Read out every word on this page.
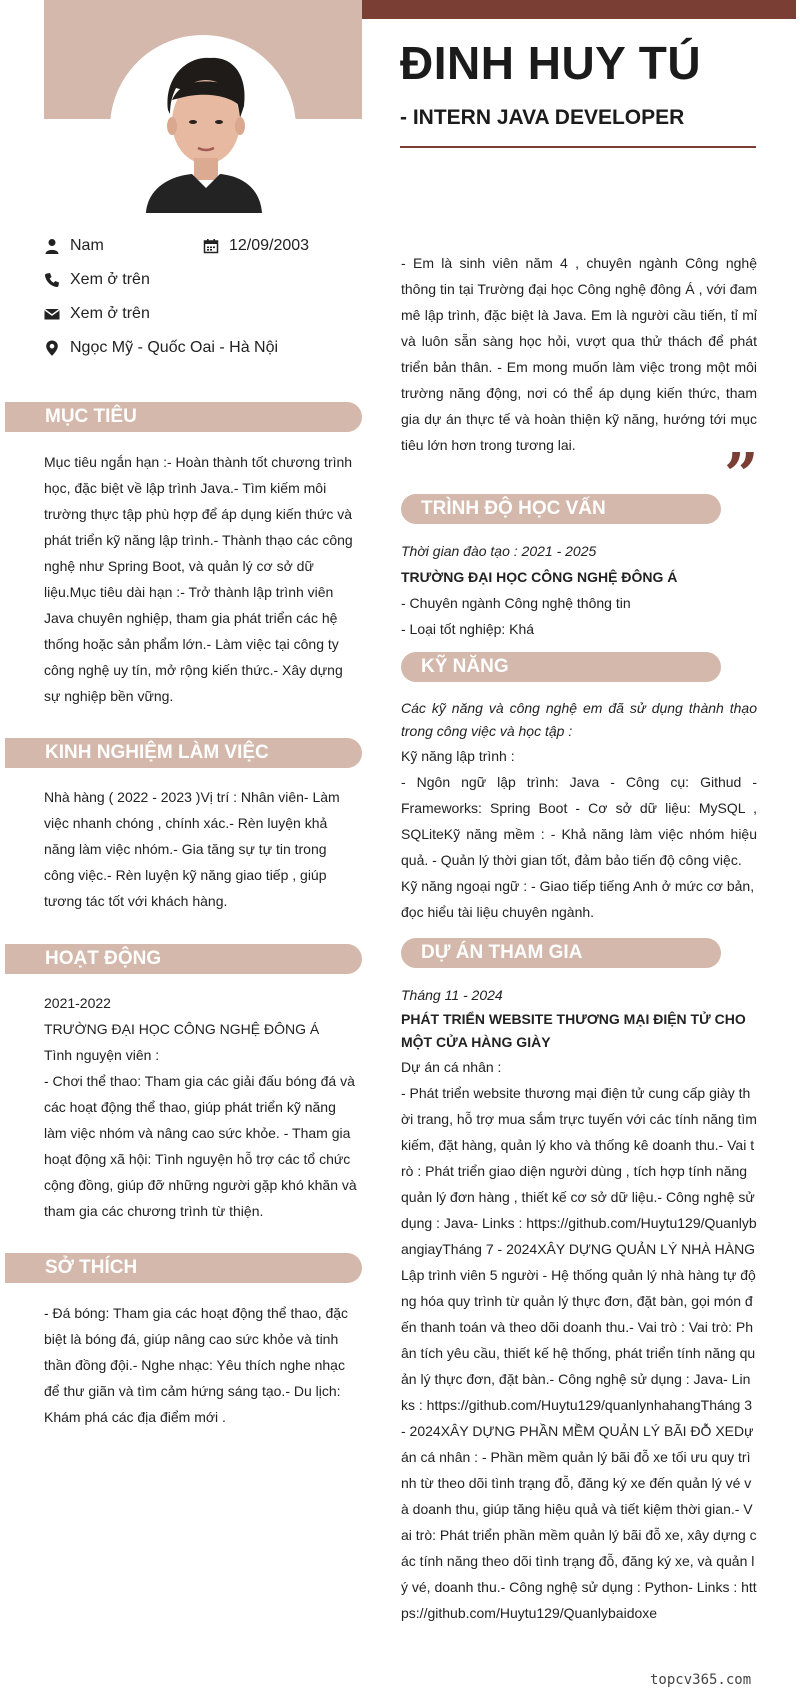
ĐINH HUY TÚ
- INTERN JAVA DEVELOPER
Nam	12/09/2003
Xem ở trên
Xem ở trên
Ngọc Mỹ - Quốc Oai - Hà Nội
MỤC TIÊU
Mục tiêu ngắn hạn :- Hoàn thành tốt chương trình học, đặc biệt về lập trình Java.- Tìm kiếm môi trường thực tập phù hợp để áp dụng kiến thức và phát triển kỹ năng lập trình.- Thành thạo các công nghệ như Spring Boot, và quản lý cơ sở dữ liệu.Mục tiêu dài hạn :- Trở thành lập trình viên Java chuyên nghiệp, tham gia phát triển các hệ thống hoặc sản phẩm lớn.- Làm việc tại công ty công nghệ uy tín, mở rộng kiến thức.- Xây dựng sự nghiệp bền vững.
KINH NGHIỆM LÀM VIỆC
Nhà hàng ( 2022 - 2023 )Vị trí : Nhân viên- Làm việc nhanh chóng , chính xác.- Rèn luyện khả năng làm việc nhóm.- Gia tăng sự tự tin trong công việc.- Rèn luyện kỹ năng giao tiếp , giúp tương tác tốt với khách hàng.
HOẠT ĐỘNG
2021-2022
TRƯỜNG ĐẠI HỌC CÔNG NGHỆ ĐÔNG Á
Tình nguyện viên :
- Chơi thể thao: Tham gia các giải đấu bóng đá và các hoạt động thể thao, giúp phát triển kỹ năng làm việc nhóm và nâng cao sức khỏe. - Tham gia hoạt động xã hội: Tình nguyện hỗ trợ các tổ chức cộng đồng, giúp đỡ những người gặp khó khăn và tham gia các chương trình từ thiện.
SỞ THÍCH
- Đá bóng: Tham gia các hoạt động thể thao, đặc biệt là bóng đá, giúp nâng cao sức khỏe và tinh thần đồng đội.- Nghe nhạc: Yêu thích nghe nhạc để thư giãn và tìm cảm hứng sáng tạo.- Du lịch: Khám phá các địa điểm mới .
- Em là sinh viên năm 4 , chuyên ngành Công nghệ thông tin tại Trường đại học Công nghệ đông Á , với đam mê lập trình, đặc biệt là Java. Em là người cầu tiến, tỉ mỉ và luôn sẵn sàng học hỏi, vượt qua thử thách để phát triển bản thân. - Em mong muốn làm việc trong một môi trường năng động, nơi có thể áp dụng kiến thức, tham gia dự án thực tế và hoàn thiện kỹ năng, hướng tới mục tiêu lớn hơn trong tương lai.	”
TRÌNH ĐỘ HỌC VẤN
Thời gian đào tạo : 2021 - 2025
TRƯỜNG ĐẠI HỌC CÔNG NGHỆ ĐÔNG Á
- Chuyên ngành Công nghệ thông tin
- Loại tốt nghiệp: Khá
KỸ NĂNG
Các kỹ năng và công nghệ em đã sử dụng thành thạo trong công việc và học tập :
Kỹ năng lập trình :
- Ngôn ngữ lập trình: Java - Công cụ: Githud - Frameworks: Spring Boot - Cơ sở dữ liệu: MySQL , SQLiteKỹ năng mềm : - Khả năng làm việc nhóm hiệu quả. - Quản lý thời gian tốt, đảm bảo tiến độ công việc.
Kỹ năng ngoại ngữ : - Giao tiếp tiếng Anh ở mức cơ bản, đọc hiểu tài liệu chuyên ngành.
DỰ ÁN THAM GIA
Tháng 11 - 2024
PHÁT TRIỂN WEBSITE THƯƠNG MẠI ĐIỆN TỬ CHO MỘT CỬA HÀNG GIÀY
Dự án cá nhân :
- Phát triển website thương mại điện tử cung cấp giày thời trang, hỗ trợ mua sắm trực tuyến với các tính năng tìm kiếm, đặt hàng, quản lý kho và thống kê doanh thu.- Vai trò : Phát triển giao diện người dùng , tích hợp tính năng quản lý đơn hàng , thiết kế cơ sở dữ liệu.- Công nghệ sử dụng : Java- Links : https://github.com/Huytu129/QuanlybangiayTháng 7 - 2024XÂY DỰNG QUẢN LÝ NHÀ HÀNGLập trình viên 5 người - Hệ thống quản lý nhà hàng tự động hóa quy trình từ quản lý thực đơn, đặt bàn, gọi món đến thanh toán và theo dõi doanh thu.- Vai trò : Vai trò: Phân tích yêu cầu, thiết kế hệ thống, phát triển tính năng quản lý thực đơn, đặt bàn.- Công nghệ sử dụng : Java- Links : https://github.com/Huytu129/quanlynhahangTháng 3 - 2024XÂY DỰNG PHẦN MỀM QUẢN LÝ BÃI ĐỖ XEDự án cá nhân : - Phần mềm quản lý bãi đỗ xe tối ưu quy trình từ theo dõi tình trạng đỗ, đăng ký xe đến quản lý vé và doanh thu, giúp tăng hiệu quả và tiết kiệm thời gian.- Vai trò: Phát triển phần mềm quản lý bãi đỗ xe, xây dựng các tính năng theo dõi tình trạng đỗ, đăng ký xe, và quản lý vé, doanh thu.- Công nghệ sử dụng : Python- Links : https://github.com/Huytu129/Quanlybaidoxe
topcv365.com
